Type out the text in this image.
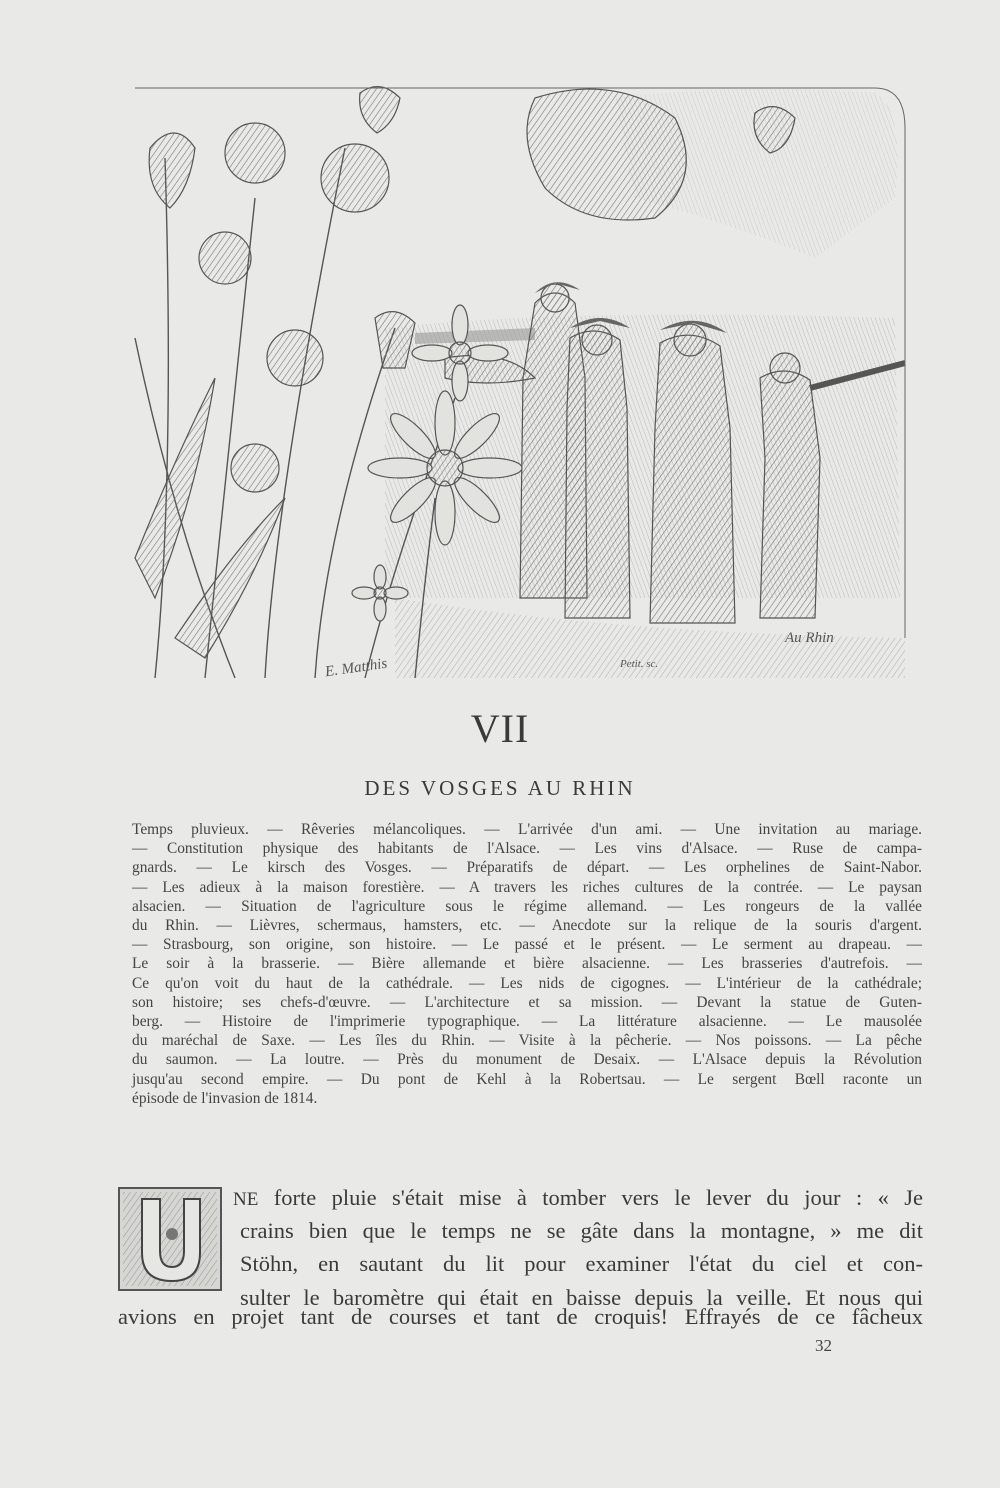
E. Matthis	Petit. sc.
Au Rhin
VII
DES VOSGES AU RHIN
Temps pluvieux. — Rêveries mélancoliques. — L'arrivée d'un ami. — Une invitation au mariage.
— Constitution physique des habitants de l'Alsace. — Les vins d'Alsace. — Ruse de campa-
gnards. — Le kirsch des Vosges. — Préparatifs de départ. — Les orphelines de Saint-Nabor.
— Les adieux à la maison forestière. — A travers les riches cultures de la contrée. — Le paysan
alsacien. — Situation de l'agriculture sous le régime allemand. — Les rongeurs de la vallée
du Rhin. — Lièvres, schermaus, hamsters, etc. — Anecdote sur la relique de la souris d'argent.
— Strasbourg, son origine, son histoire. — Le passé et le présent. — Le serment au drapeau. —
Le soir à la brasserie. — Bière allemande et bière alsacienne. — Les brasseries d'autrefois. —
Ce qu'on voit du haut de la cathédrale. — Les nids de cigognes. — L'intérieur de la cathédrale;
son histoire; ses chefs-d'œuvre. — L'architecture et sa mission. — Devant la statue de Guten-
berg. — Histoire de l'imprimerie typographique. — La littérature alsacienne. — Le mausolée
du maréchal de Saxe. — Les îles du Rhin. — Visite à la pêcherie. — Nos poissons. — La pêche
du saumon. — La loutre. — Près du monument de Desaix. — L'Alsace depuis la Révolution
jusqu'au second empire. — Du pont de Kehl à la Robertsau. — Le sergent Bœll raconte un
épisode de l'invasion de 1814.
NE forte pluie s'était mise à tomber vers le lever du jour : « Je
crains bien que le temps ne se gâte dans la montagne, » me dit
Stöhn, en sautant du lit pour examiner l'état du ciel et con-
sulter le baromètre qui était en baisse depuis la veille. Et nous qui
avions en projet tant de courses et tant de croquis! Effrayés de ce fâcheux
32
